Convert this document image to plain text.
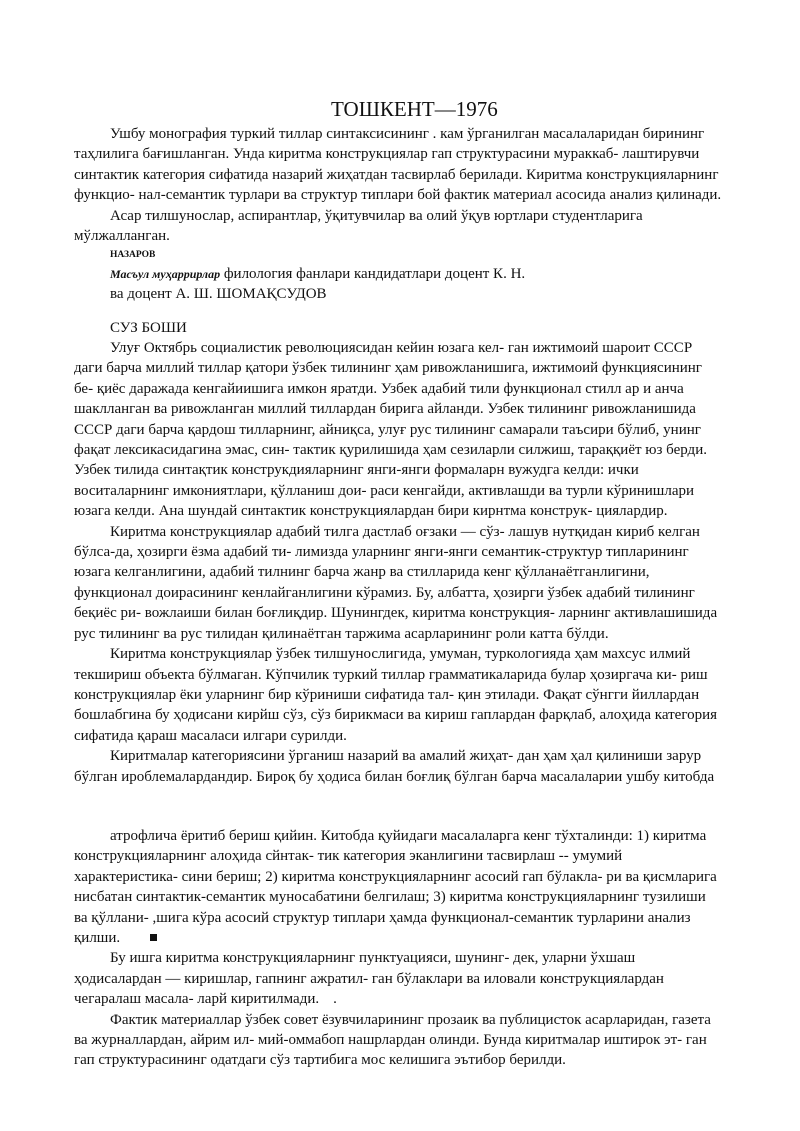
ТОШКЕНТ—1976

Ушбу монография туркий тиллар синтаксисининг . кам ўрганилган масалаларидан бирининг таҳлилига бағишланган. Унда киритма конструкциялар гап структурасини мураккаб- лаштирувчи синтактик категория сифатида назарий жиҳатдан тасвирлаб берилади. Киритма конструкцияларнинг функцио- нал-семантик турлари ва структур типлари бой фактик материал асосида анализ қилинади.

Асар тилшунослар, аспирантлар, ўқитувчилар ва олий ўқув юртлари студентларига мўлжалланган.

НАЗАРОВ
Масъул муҳаррирлар филология фанлари кандидатлари доцент К. Н.
ва доцент А. Ш. ШОМАҚСУДОВ
СУЗ БОШИ

Улуғ Октябрь социалистик революциясидан кейин юзага кел- ган ижтимоий шароит СССР даги барча миллий тиллар қатори ўзбек тилининг ҳам ривожланишига, ижтимоий функциясининг бе- қиёс даражада кенгайиишига имкон яратди. Узбек адабий тили функционал стилл ар и анча шаклланган ва ривожланган миллий тиллардан бирига айланди. Узбек тилининг ривожланишида СССР даги барча қардош тилларнинг, айниқса, улуғ рус тилининг самарали таъсири бўлиб, унинг фақат лексикасидагина эмас, син- тактик қурилишида ҳам сезиларли силжиш, тараққиёт юз берди. Узбек тилида синтақтик конструкдияларнинг янги-янги формаларн вужудга келди: ички воситаларнинг имкониятлари, қўлланиш дои- раси кенгайди, активлашди ва турли кўринишлари юзага келди. Ана шундай синтактик конструкциялардан бири кирнтма конструк- циялардир.

Киритма конструкциялар адабий тилга дастлаб оғзаки — сўз- лашув нутқидан кириб келган бўлса-да, ҳозирги ёзма адабий ти- лимизда уларнинг янги-янги семантик-структур типларининг юзага келганлигини, адабий тилнинг барча жанр ва стилларида кенг қўлланаётганлигини, функционал доирасининг кенлайганлигини кўрамиз. Бу, албатта, ҳозирги ўзбек адабий тилининг беқиёс ри- вожлаиши билан боғлиқдир. Шунингдек, киритма конструкция- ларнинг активлашишида рус тилининг ва рус тилидан қилинаётган таржима асарларининг роли катта бўлди.

Киритма конструкциялар ўзбек тилшунослигида, умуман, туркологияда ҳам махсус илмий текшириш объекта бўлмаган. Кўпчилик туркий тиллар грамматикаларида булар ҳозиргача ки- риш конструкциялар ёки уларнинг бир кўриниши сифатида тал- қин этилади. Фақат сўнгги йиллардан бошлабгина бу ҳодисани кирйш сўз, сўз бирикмаси ва кириш гаплардан фарқлаб, алоҳида категория сифатида қараш масаласи илгари сурилди.

Киритмалар категориясини ўрганиш назарий ва амалий жиҳат- дан ҳам ҳал қилиниши зарур бўлган ироблемалардандир. Бироқ бу ҳодиса билан боғлиқ бўлган барча масалаларии ушбу китобда

атрофлича ёритиб бериш қийин. Китобда қуйидаги масалаларга кенг тўхталинди: 1) киритма конструкцияларнинг алоҳида сйнтак- тик категория эканлигини тасвирлаш -- умумий характеристика- сини бериш; 2) киритма конструкцияларнинг асосий гап бўлакла- ри ва қисмларига нисбатан синтактик-семантик муносабатини белгилаш; 3) киритма конструкцияларнинг тузилиши ва қўллани- ,шига кўра асосий структур типлари ҳамда функционал-семантик турларини анализ қилши.

Бу ишга киритма конструкцияларнинг пунктуацияси, шунинг- дек, уларни ўхшаш ҳодисалардан — киришлар, гапнинг ажратил- ган бўлаклари ва иловали конструкциялардан чегаралаш масала- ларй киритилмади. .

Фактик материаллар ўзбек совет ёзувчиларининг прозаик ва публицисток асарларидан, газета ва журналлардан, айрим ил- мий-оммабоп нашрлардан олинди. Бунда киритмалар иштирок эт- ган гап структурасининг одатдаги сўз тартибига мос келишига эътибор берилди.
